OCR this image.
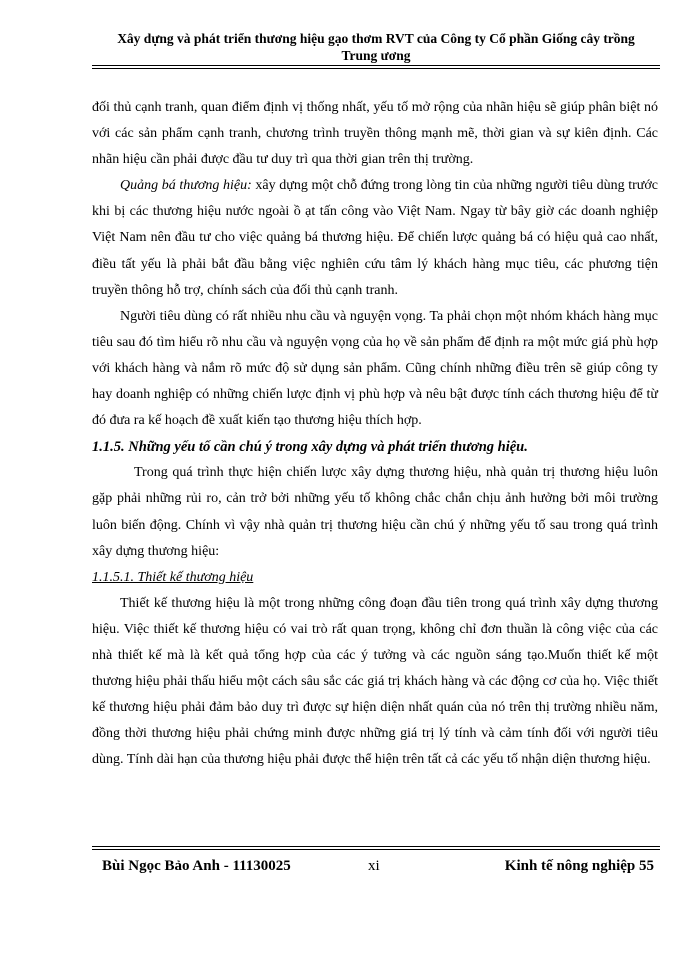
Xây dựng và phát triển thương hiệu gạo thơm RVT của Công ty Cổ phần Giống cây trồng
Trung ương

đối thủ cạnh tranh, quan điểm định vị thống nhất, yếu tố mở rộng của nhãn hiệu sẽ giúp phân biệt nó với các sản phẩm cạnh tranh, chương trình truyền thông mạnh mẽ, thời gian và sự kiên định. Các nhãn hiệu cần phải được đầu tư duy trì qua thời gian trên thị trường.

Quảng bá thương hiệu: xây dựng một chỗ đứng trong lòng tin của những người tiêu dùng trước khi bị các thương hiệu nước ngoài ồ ạt tấn công vào Việt Nam. Ngay từ bây giờ các doanh nghiệp Việt Nam nên đầu tư cho việc quảng bá thương hiệu. Để chiến lược quảng bá có hiệu quả cao nhất, điều tất yếu là phải bắt đầu bằng việc nghiên cứu tâm lý khách hàng mục tiêu, các phương tiện truyền thông hỗ trợ, chính sách của đối thủ cạnh tranh.

Người tiêu dùng có rất nhiều nhu cầu và nguyện vọng. Ta phải chọn một nhóm khách hàng mục tiêu sau đó tìm hiểu rõ nhu cầu và nguyện vọng của họ về sản phẩm để định ra một mức giá phù hợp với khách hàng và nắm rõ mức độ sử dụng sản phẩm. Cũng chính những điều trên sẽ giúp công ty hay doanh nghiệp có những chiến lược định vị phù hợp và nêu bật được tính cách thương hiệu để từ đó đưa ra kế hoạch đề xuất kiến tạo thương hiệu thích hợp.

1.1.5. Những yếu tố cần chú ý trong xây dựng và phát triển thương hiệu.

Trong quá trình thực hiện chiến lược xây dựng thương hiệu, nhà quản trị thương hiệu luôn gặp phải những rủi ro, cản trở bởi những yếu tố không chắc chắn chịu ảnh hưởng bởi môi trường luôn biến động. Chính vì vậy nhà quản trị thương hiệu cần chú ý những yếu tố sau trong quá trình xây dựng thương hiệu:

1.1.5.1. Thiết kế thương hiệu

Thiết kế thương hiệu là một trong những công đoạn đầu tiên trong quá trình xây dựng thương hiệu. Việc thiết kế thương hiệu có vai trò rất quan trọng, không chỉ đơn thuần là công việc của các nhà thiết kế mà là kết quả tổng hợp của các ý tưởng và các nguồn sáng tạo.Muốn thiết kế một thương hiệu phải thấu hiểu một cách sâu sắc các giá trị khách hàng và các động cơ của họ. Việc thiết kế thương hiệu phải đảm bảo duy trì được sự hiện diện nhất quán của nó trên thị trường nhiều năm, đồng thời thương hiệu phải chứng minh được những giá trị lý tính và cảm tính đối với người tiêu dùng. Tính dài hạn của thương hiệu phải được thể hiện trên tất cả các yếu tố nhận diện thương hiệu.

Bùi Ngọc Bảo Anh - 11130025	xi	Kinh tế nông nghiệp 55
